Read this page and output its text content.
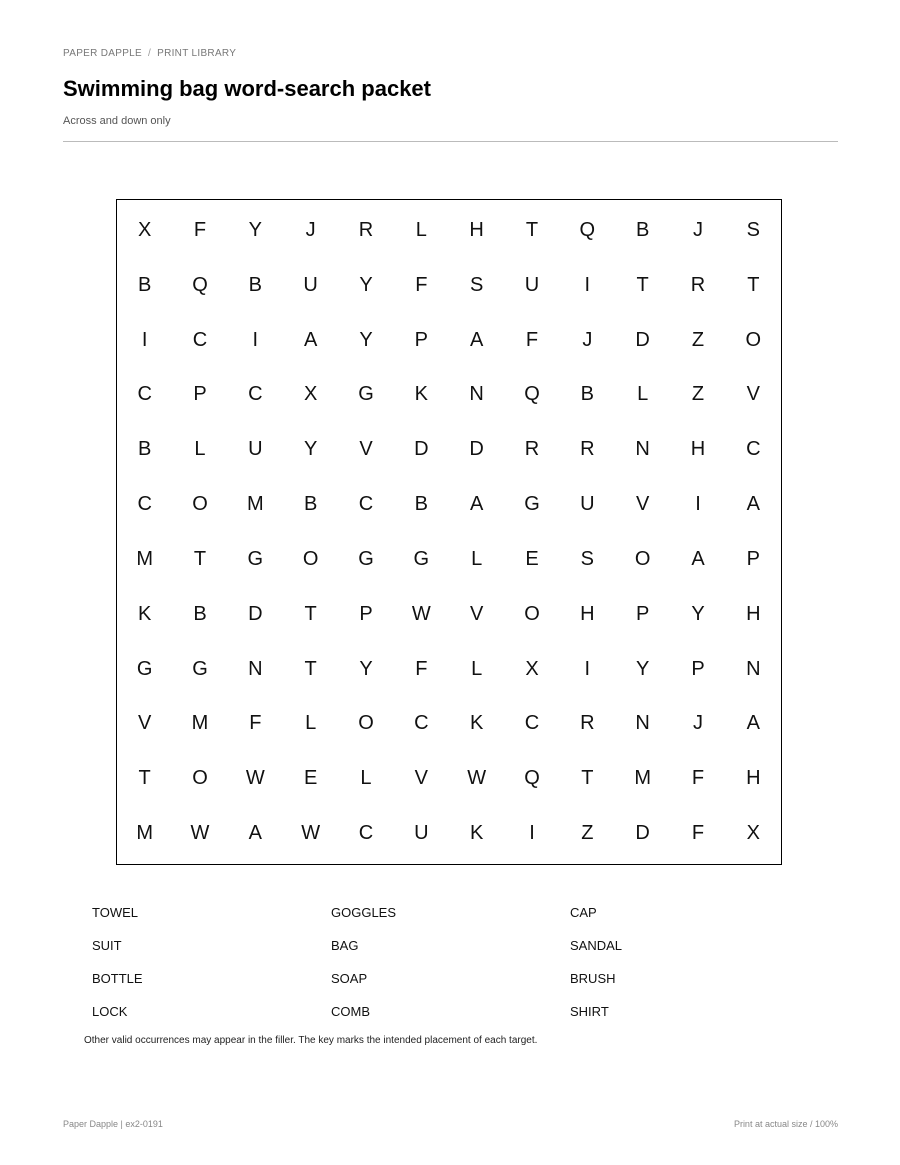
PAPER DAPPLE / PRINT LIBRARY
Swimming bag word-search packet
Across and down only
X	F	Y	J	R	L	H	T	Q	B	J	S
B	Q	B	U	Y	F	S	U	I	T	R	T
I	C	I	A	Y	P	A	F	J	D	Z	O
C	P	C	X	G	K	N	Q	B	L	Z	V
B	L	U	Y	V	D	D	R	R	N	H	C
C	O	M	B	C	B	A	G	U	V	I	A
M	T	G	O	G	G	L	E	S	O	A	P
K	B	D	T	P	W	V	O	H	P	Y	H
G	G	N	T	Y	F	L	X	I	Y	P	N
V	M	F	L	O	C	K	C	R	N	J	A
T	O	W	E	L	V	W	Q	T	M	F	H
M	W	A	W	C	U	K	I	Z	D	F	X
TOWEL	GOGGLES	CAP
SUIT	BAG	SANDAL
BOTTLE	SOAP	BRUSH
LOCK	COMB	SHIRT
Other valid occurrences may appear in the filler. The key marks the intended placement of each target.
Paper Dapple | ex2-0191	Print at actual size / 100%
